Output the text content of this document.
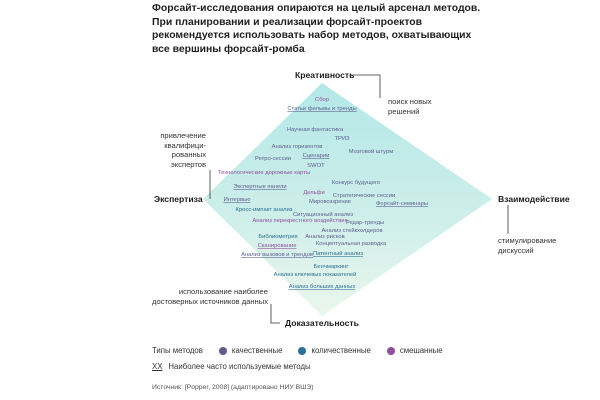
Форсайт-исследования опираются на целый арсенал методов. При планировании и реализации форсайт-проектов рекомендуется использовать набор методов, охватывающих все вершины форсайт-ромба

Креативность
Экспертиза	Взаимодействие
Доказательность
Сбор
Статьи фильмы и тренды
Научная фантастика
ТРИЗ
Анализ горизонтов
Сценарии
Мозговой штурм
Ретро-сессии
SWOT
Технологические дорожные карты
Конкурс будущего
Экспертные панели
Дельфи Стратегические сессии
Интервью	Мировоззрение	Форсайт-семинары
Кросс-импакт анализ
Ситуационный анализ
Анализ перекрестного воздействия
Редар-тренды
Анализ стейкхолдеров
Библиометрия Анализ рисков
Сканирование	Концептуальная разводка
Патентный анализ
Анализ вызовов и трендов
Бенчмаркинг
Анализ ключевых показателей
Анализ больших данных
поиск новых решений
привлечение квалифици-рованных экспертов
стимулирование дискуссий
использование наиболее достоверных источников данных
Типы методов	качественные	количественные	смешанные
XX Наиболее часто используемые методы
Источник: [Popper, 2008] (адаптировано НИУ ВШЭ)
